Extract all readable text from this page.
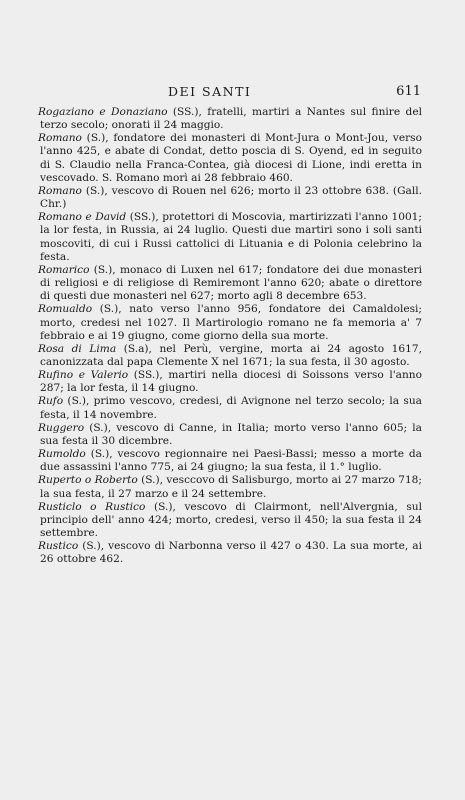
DEI SANTI	611

Rogaziano e Donaziano (SS.), fratelli, martiri a Nantes sul finire del terzo secolo; onorati il 24 maggio.

Romano (S.), fondatore dei monasteri di Mont-Jura o Mont-Jou, verso l'anno 425, e abate di Condat, detto poscia di S. Oyend, ed in seguito di S. Claudio nella Franca-Contea, già diocesi di Lione, indi eretta in vescovado. S. Romano morì ai 28 febbraio 460.

Romano (S.), vescovo di Rouen nel 626; morto il 23 ottobre 638. (Gall. Chr.)

Romano e David (SS.), protettori di Moscovia, martirizzati l'anno 1001; la lor festa, in Russia, ai 24 luglio. Questi due martiri sono i soli santi moscoviti, di cui i Russi cattolici di Lituania e di Polonia celebrino la festa.

Romarico (S.), monaco di Luxen nel 617; fondatore dei due monasteri di religiosi e di religiose di Remiremont l'anno 620; abate o direttore di questi due monasteri nel 627; morto agli 8 decembre 653.

Romualdo (S.), nato verso l'anno 956, fondatore dei Camaldolesi; morto, credesi nel 1027. Il Martirologio romano ne fa memoria a' 7 febbraio e ai 19 giugno, come giorno della sua morte.

Rosa di Lima (S.a), nel Perù, vergine, morta ai 24 agosto 1617, canonizzata dal papa Clemente X nel 1671; la sua festa, il 30 agosto.

Rufino e Valerio (SS.), martiri nella diocesi di Soissons verso l'anno 287; la lor festa, il 14 giugno.

Rufo (S.), primo vescovo, credesi, di Avignone nel terzo secolo; la sua festa, il 14 novembre.

Ruggero (S.), vescovo di Canne, in Italia; morto verso l'anno 605; la sua festa il 30 dicembre.

Rumoldo (S.), vescovo regionnaire nei Paesi-Bassi; messo a morte da due assassini l'anno 775, ai 24 giugno; la sua festa, il 1.° luglio.

Ruperto o Roberto (S.), vesccovo di Salisburgo, morto ai 27 marzo 718; la sua festa, il 27 marzo e il 24 settembre.

Rusticlo o Rustico (S.), vescovo di Clairmont, nell'Alvergnia, sul principio dell' anno 424; morto, credesi, verso il 450; la sua festa il 24 settembre.

Rustico (S.), vescovo di Narbonna verso il 427 o 430. La sua morte, ai 26 ottobre 462.
